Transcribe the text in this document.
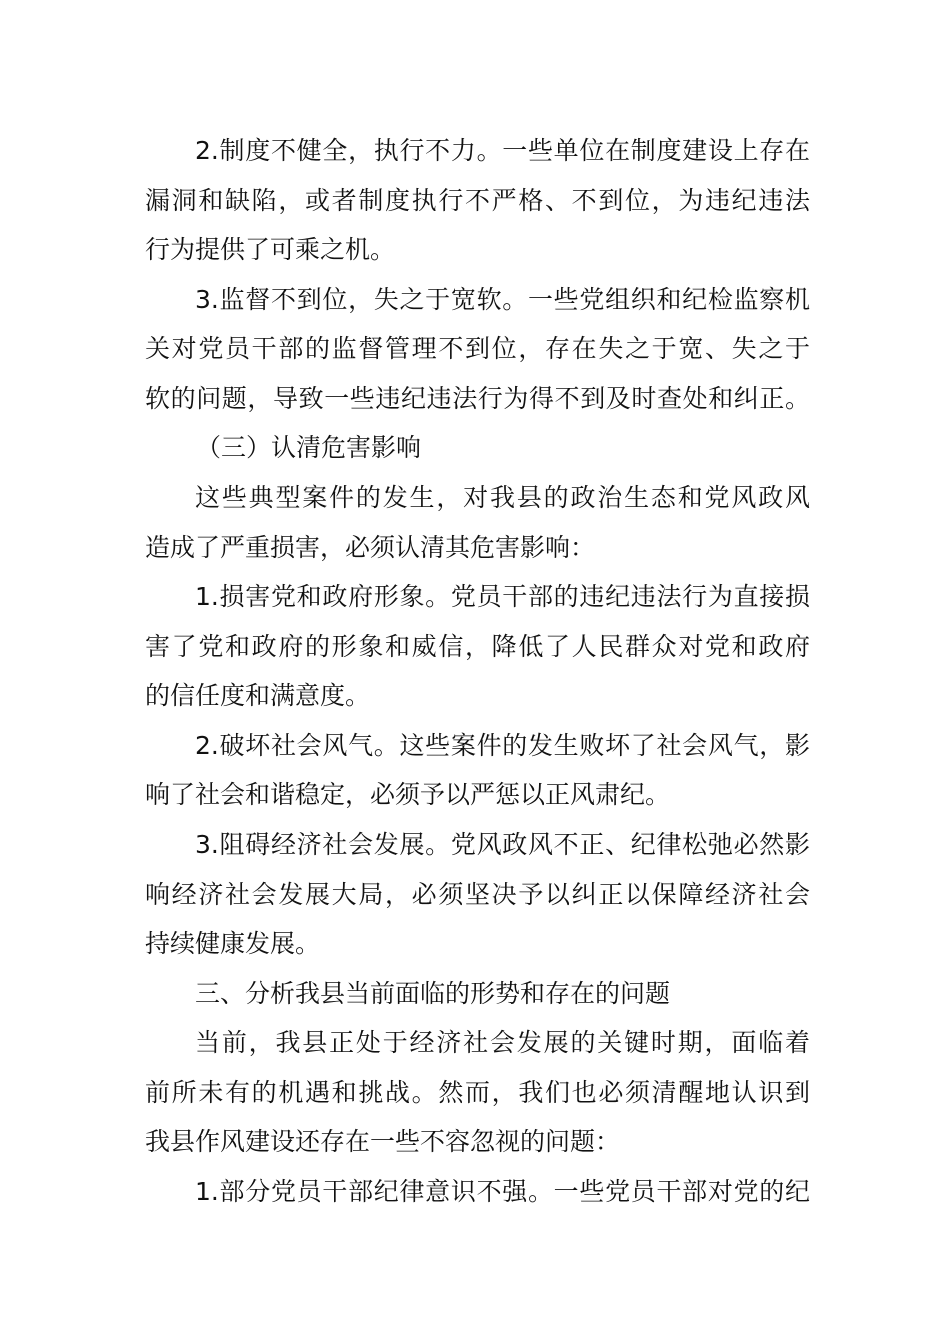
2.制度不健全，执行不力。一些单位在制度建设上存在
漏洞和缺陷，或者制度执行不严格、不到位，为违纪违法
行为提供了可乘之机。
3.监督不到位，失之于宽软。一些党组织和纪检监察机
关对党员干部的监督管理不到位，存在失之于宽、失之于
软的问题，导致一些违纪违法行为得不到及时查处和纠正。
（三）认清危害影响
这些典型案件的发生，对我县的政治生态和党风政风
造成了严重损害，必须认清其危害影响：
1.损害党和政府形象。党员干部的违纪违法行为直接损
害了党和政府的形象和威信，降低了人民群众对党和政府
的信任度和满意度。
2.破坏社会风气。这些案件的发生败坏了社会风气，影
响了社会和谐稳定，必须予以严惩以正风肃纪。
3.阻碍经济社会发展。党风政风不正、纪律松弛必然影
响经济社会发展大局，必须坚决予以纠正以保障经济社会
持续健康发展。
三、分析我县当前面临的形势和存在的问题
当前，我县正处于经济社会发展的关键时期，面临着
前所未有的机遇和挑战。然而，我们也必须清醒地认识到
我县作风建设还存在一些不容忽视的问题：
1.部分党员干部纪律意识不强。一些党员干部对党的纪
